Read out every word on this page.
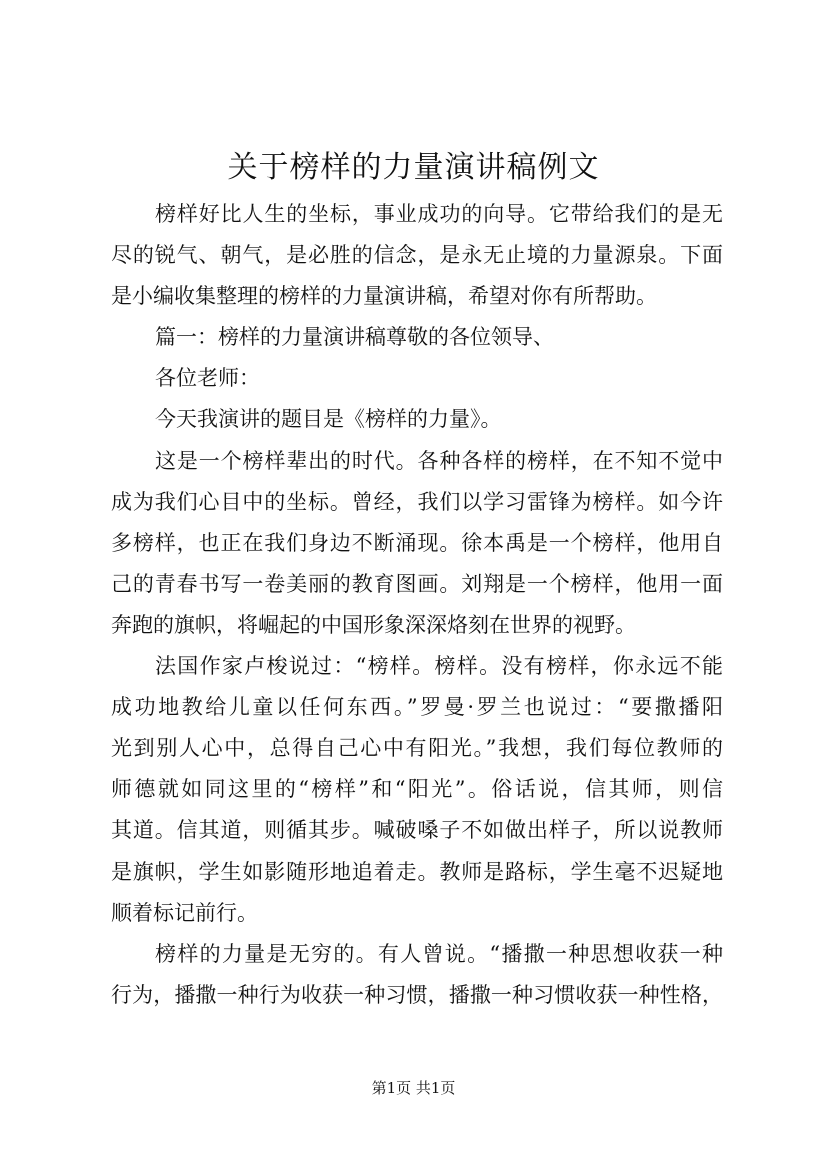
关于榜样的力量演讲稿例文
榜样好比人生的坐标，事业成功的向导。它带给我们的是无
尽的锐气、朝气，是必胜的信念，是永无止境的力量源泉。下面
是小编收集整理的榜样的力量演讲稿，希望对你有所帮助。
篇一：榜样的力量演讲稿尊敬的各位领导、
各位老师：
今天我演讲的题目是《榜样的力量》。
这是一个榜样辈出的时代。各种各样的榜样，在不知不觉中
成为我们心目中的坐标。曾经，我们以学习雷锋为榜样。如今许
多榜样，也正在我们身边不断涌现。徐本禹是一个榜样，他用自
己的青春书写一卷美丽的教育图画。刘翔是一个榜样，他用一面
奔跑的旗帜，将崛起的中国形象深深烙刻在世界的视野。
法国作家卢梭说过：“榜样。榜样。没有榜样，你永远不能
成功地教给儿童以任何东西。”罗曼·罗兰也说过：“要撒播阳
光到别人心中，总得自己心中有阳光。”我想，我们每位教师的
师德就如同这里的“榜样”和“阳光”。俗话说，信其师，则信
其道。信其道，则循其步。喊破嗓子不如做出样子，所以说教师
是旗帜，学生如影随形地追着走。教师是路标，学生毫不迟疑地
顺着标记前行。
榜样的力量是无穷的。有人曾说。“播撒一种思想收获一种
行为，播撒一种行为收获一种习惯，播撒一种习惯收获一种性格，
第1页 共1页
